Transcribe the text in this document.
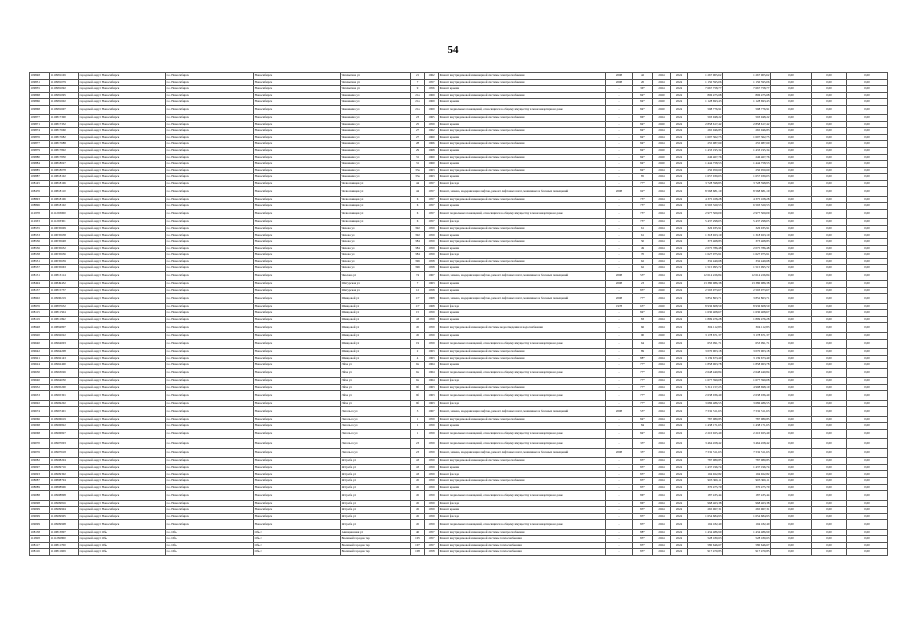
54
109848	1110981169	городской округ Новосибирск	г.о. Новосибирск	Новосибирск	Чаплыгина ул	21	1962	Ремонт внутридомовой инженерной системы электроснабжения	2008	42	2024	2024	1 267 905,62	1 267 905,62	0,00	0,00	0,00
109851	1110981079	городской округ Новосибирск	г.о. Новосибирск	Новосибирск	Чаплыгина ул	7	1957	Ремонт внутридомовой инженерной системы электроснабжения	2008	20	2024	2024	1 150 595,06	1 150 595,06	0,00	0,00	0,00
109855	1110981092	городской округ Новосибирск	г.о. Новосибирск	Новосибирск	Чаплыгина ул	9	1956	Ремонт крыши	-	36*	2024	2024	7 667 758,77	7 667 758,77	0,00	0,00	0,00
109868	1110981095	городской округ Новосибирск	г.о. Новосибирск	Новосибирск	Чеканкина ул	21а	1969	Ремонт внутридомовой инженерной системы электроснабжения	-	84*	2020	2024	806 475,68	806 475,68	0,00	0,00	0,00
109866	1110981602	городской округ Новосибирск	г.о. Новосибирск	Новосибирск	Чеканкина ул	21а	1969	Ремонт крыши	-	84*	2020	2024	1 128 693,43	1 128 693,43	0,00	0,00	0,00
109868	1110981607	городской округ Новосибирск	г.о. Новосибирск	Новосибирск	Чеканкина ул	21а	1969	Ремонт подвальных помещений, относящихся к общему имуществу в многоквартирном доме	-	84*	2020	2024	598 776,91	598 776,91	0,00	0,00	0,00
109877	1110817300	городской округ Новосибирск	г.о. Новосибирск	Новосибирск	Чеканкина ул	23	1965	Ремонт внутридомовой инженерной системы электроснабжения	-	86*	2024	2024	593 948,22	593 948,22	0,00	0,00	0,00
109871	1110817332	городской округ Новосибирск	г.о. Новосибирск	Новосибирск	Чеканкина ул	25	1959	Ремонт крыши	-	84*	2020	2024	2 858 617,42	2 858 617,42	0,00	0,00	0,00
109874	1110817660	городской округ Новосибирск	г.о. Новосибирск	Новосибирск	Чеканкина ул	27	1962	Ремонт внутридомовой инженерной системы электроснабжения	-	84*	2024	2024	265 046,83	265 046,83	0,00	0,00	0,00
109876	1110817682	городской округ Новосибирск	г.о. Новосибирск	Новосибирск	Чеканкина ул	27	1960	Ремонт крыши	-	84*	2024	2024	1 697 362,75	1 697 362,75	0,00	0,00	0,00
109877	1110817688	городской округ Новосибирск	г.о. Новосибирск	Новосибирск	Чеканкина ул	28	1966	Ремонт внутридомовой инженерной системы электроснабжения	-	84*	2024	2024	255 987,60	255 987,60	0,00	0,00	0,00
109879	1110817802	городской округ Новосибирск	г.о. Новосибирск	Новосибирск	Чеканкина ул	29	1968	Ремонт крыши	-	84*	2020	2024	1 433 195,34	1 433 195,34	0,00	0,00	0,00
109880	1110817850	городской округ Новосибирск	г.о. Новосибирск	Новосибирск	Чеканкина ул	31	1960	Ремонт внутридомовой инженерной системы электроснабжения	-	84*	2020	2024	246 467,76	246 467,76	0,00	0,00	0,00
109884	1110818027	городской округ Новосибирск	г.о. Новосибирск	Новосибирск	Чеканкина ул	31	1960	Ремонт крыши	-	84*	2020	2024	1 444 758,53	1 444 758,53	0,00	0,00	0,00
109885	1110818078	городской округ Новосибирск	г.о. Новосибирск	Новосибирск	Чеканкина ул	33а	1963	Ремонт внутридомовой инженерной системы электроснабжения	-	84*	2024	2024	250 050,60	250 050,60	0,00	0,00	0,00
109887	1110818102	городской округ Новосибирск	г.о. Новосибирск	Новосибирск	Чеканкина ул	33а	1963	Ремонт крыши	-	85	2024	2024	1 657 039,03	1 657 039,03	0,00	0,00	0,00
108145	1110818106	городской округ Новосибирск	г.о. Новосибирск	Новосибирск	Челюскинцев ул	44	1957	Ремонт фасада	-	77*	2024	2024	3 728 598,85	3 728 598,85	0,00	0,00	0,00
108476	1110818110	городской округ Новосибирск	г.о. Новосибирск	Новосибирск	Челюскинцев ул	44	1957	Ремонт, замена, модернизация лифтов, ремонт лифтовых шахт, машинных и блочных помещений	2008	92*	2024	2024	8 568 681,19	8 568 681,19	0,00	0,00	0,00
108893	1110818106	городской округ Новосибирск	г.о. Новосибирск	Новосибирск	Челюскинцев ул	6	1957	Ремонт внутридомовой инженерной системы электроснабжения	-	75*	2024	2024	4 375 108,28	4 375 108,28	0,00	0,00	0,00
108896	1110818102	городской округ Новосибирск	г.о. Новосибирск	Новосибирск	Челюскинцев ул	6	1957	Ремонт крыши	-	75*	2024	2024	6 593 320,53	6 593 320,53	0,00	0,00	0,00
112978	1111293000	городской округ Новосибирск	г.о. Новосибирск	Новосибирск	Челюскинцев ул	6	1957	Ремонт подвальных помещений, относящихся к общему имуществу в многоквартирном доме	-	75*	2024	2024	2 977 509,09	2 977 509,09	0,00	0,00	0,00
112933	1111293301	городской округ Новосибирск	г.о. Новосибирск	Новосибирск	Челюскинцев ул	6	1957	Ремонт фасада	-	75*	2024	2024	5 437 298,05	5 437 298,05	0,00	0,00	0,00
108535	1110035609	городской округ Новосибирск	г.о. Новосибирск	Новосибирск	Чехова ул	392	1959	Ремонт внутридомовой инженерной системы электроснабжения	-	61	2024	2024	326 935,91	326 935,91	0,00	0,00	0,00
108553	1110035638	городской округ Новосибирск	г.о. Новосибирск	Новосибирск	Чехова ул	392	1959	Ремонт крыши	-	61	2024	2024	1 318 923,19	1 318 923,19	0,00	0,00	0,00
108556	1110035648	городской округ Новосибирск	г.о. Новосибирск	Новосибирск	Чехова ул	384	1959	Ремонт внутридомовой инженерной системы электроснабжения	-	50	2024	2024	373 468,83	373 468,83	0,00	0,00	0,00
108556	1110035652	городской округ Новосибирск	г.о. Новосибирск	Новосибирск	Чехова ул	384	1959	Ремонт крыши	-	49	2024	2024	2 075 786,48	2 075 786,48	0,00	0,00	0,00
108558	1110035656	городской округ Новосибирск	г.о. Новосибирск	Новосибирск	Чехова ул	384	1959	Ремонт фасада	-	70	2024	2024	1 627 075,91	1 627 075,91	0,00	0,00	0,00
108551	1110035659	городской округ Новосибирск	г.о. Новосибирск	Новосибирск	Чехова ул	396	1958	Ремонт внутридомовой инженерной системы электроснабжения	-	62	2024	2024	332 449,68	332 449,68	0,00	0,00	0,00
108557	1110035663	городской округ Новосибирск	г.о. Новосибирск	Новосибирск	Чехова ул	396	1958	Ремонт крыши	-	62	2024	2024	1 515 995,72	1 515 995,72	0,00	0,00	0,00
108131	1110813114	городской округ Новосибирск	г.о. Новосибирск	Новосибирск	Чкалова ул	74	1967	Ремонт, замена, модернизация лифтов, ремонт лифтовых шахт, машинных и блочных помещений	2008	53*	2024	2024	12 614 226,84	12 614 226,84	0,00	0,00	0,00
108494	1110849452	городской округ Новосибирск	г.о. Новосибирск	Новосибирск	Шатурская ул	7	1963	Ремонт крыши	2008	23	2024	2024	13 380 986,38	13 380 986,38	0,00	0,00	0,00
108157	1110815737	городской округ Новосибирск	г.о. Новосибирск	Новосибирск	Шатурская ул	12	1958	Ремонт крыши	-	85*	2020	2024	2 593 973,67	2 593 973,67	0,00	0,00	0,00
108902	1110990219	городской округ Новосибирск	г.о. Новосибирск	Новосибирск	Шевцовой ул	1/7	1968	Ремонт, замена, модернизация лифтов, ремонт лифтовых шахт, машинных и блочных помещений	2008	77*	2024	2024	3 852 863,71	3 852 863,71	0,00	0,00	0,00
108976	1110897632	городской округ Новосибирск	г.о. Новосибирск	Новосибирск	Шевцовой ул	1/7	1968	Ремонт фасада	1978	65*	2020	2024	8 936 608,59	8 936 608,59	0,00	0,00	0,00
108115	1110811504	городской округ Новосибирск	г.о. Новосибирск	Новосибирск	Шевцовой ул	15	1959	Ремонт крыши	-	84*	2024	2024	1 630 408,67	1 630 408,67	0,00	0,00	0,00
108119	1110811992	городской округ Новосибирск	г.о. Новосибирск	Новосибирск	Шевцовой ул	43	1959	Ремонт крыши	-	83	2024	2024	1 899 476,28	1 899 476,28	0,00	0,00	0,00
108948	1110894807	городской округ Новосибирск	г.о. Новосибирск	Новосибирск	Шевцовой ул	45	1959	Ремонт внутридомовой инженерной системы водоотведения и водоснабжения	-	66	2024	2024	304 112,83	304 112,83	0,00	0,00	0,00
109920	1110992022	городской округ Новосибирск	г.о. Новосибирск	Новосибирск	Шевцовой ул	45	1959	Ремонт крыши	-	90	2020	2024	3 178 671,37	3 178 671,37	0,00	0,00	0,00
109640	1110964003	городской округ Новосибирск	г.о. Новосибирск	Новосибирск	Шевцовой ул	19	1959	Ремонт подвальных помещений, относящихся к общему имуществу в многоквартирном доме	-	64	2024	2024	653 091,71	653 091,71	0,00	0,00	0,00
109642	1110964208	городской округ Новосибирск	г.о. Новосибирск	Новосибирск	Шевцовой ул	2	1963	Ремонт внутридомовой инженерной системы электроснабжения	-	89	2024	2024	3 070 903,18	3 070 903,18	0,00	0,00	0,00
109921	1110992143	городской округ Новосибирск	г.о. Новосибирск	Новосибирск	Шевцовой ул	4	1963	Ремонт внутридомовой инженерной системы электроснабжения	-	88*	2024	2024	3 139 673,49	3 139 673,49	0,00	0,00	0,00
109624	1110962400	городской округ Новосибирск	г.о. Новосибирск	Новосибирск	Эйхе ул	9а	1964	Ремонт крыши	-	77*	2024	2024	1 858 963,78	1 858 963,78	0,00	0,00	0,00
109630	1110963026	городской округ Новосибирск	г.о. Новосибирск	Новосибирск	Эйхе ул	9а	1964	Ремонт подвальных помещений, относящихся к общему имуществу в многоквартирном доме	-	77*	2024	2024	2 648 440,84	2 648 440,84	0,00	0,00	0,00
109640	1110964050	городской округ Новосибирск	г.о. Новосибирск	Новосибирск	Эйхе ул	9а	1964	Ремонт фасада	-	77*	2024	2024	1 677 399,08	1 677 399,08	0,00	0,00	0,00
109952	1110995200	городской округ Новосибирск	г.о. Новосибирск	Новосибирск	Эйхе ул	9б	1963	Ремонт внутридомовой инженерной системы электроснабжения	-	77*	2024	2024	5 312 157,25	4 998 698,19	0,00	0,00	0,00
109653	1110965301	городской округ Новосибирск	г.о. Новосибирск	Новосибирск	Эйхе ул	9б	1963	Ремонт подвальных помещений, относящихся к общему имуществу в многоквартирном доме	-	77*	2024	2024	2 638 036,49	2 638 036,49	0,00	0,00	0,00
109692	1110969202	городской округ Новосибирск	г.о. Новосибирск	Новосибирск	Эйхе ул	9б	1963	Ремонт фасада	-	77*	2024	2024	3 686 486,55	3 686 486,55	0,00	0,00	0,00
109674	1110967401	городской округ Новосибирск	г.о. Новосибирск	Новосибирск	Энгельса ул	3	1967	Ремонт, замена, модернизация лифтов, ремонт лифтовых шахт, машинных и блочных помещений	2008	55*	2024	2024	7 532 511,63	7 532 511,63	0,00	0,00	0,00
109066	1110906619	городской округ Новосибирск	г.о. Новосибирск	Новосибирск	Энгельса ул	1	1959	Ремонт внутридомовой инженерной системы электроснабжения	-	84*	2024	2024	787 080,85	787 080,85	0,00	0,00	0,00
109068	1110906822	городской округ Новосибирск	г.о. Новосибирск	Новосибирск	Энгельса ул	1	1959	Ремонт крыши	-	84	2024	2024	1 438 171,65	1 438 171,65	0,00	0,00	0,00
109068	1110906827	городской округ Новосибирск	г.о. Новосибирск	Новосибирск	Энгельса ул	1	1959	Ремонт подвальных помещений, относящихся к общему имуществу в многоквартирном доме	-	84*	2024	2024	2 210 925,49	2 210 925,49	0,00	0,00	0,00
109070	1110907003	городской округ Новосибирск	г.о. Новосибирск	Новосибирск	Энгельса ул	23	1959	Ремонт подвальных помещений, относящихся к общему имуществу в многоквартирном доме	-	33*	2024	2024	3 464 458,42	3 464 458,42	0,00	0,00	0,00
109076	1110907618	городской округ Новосибирск	г.о. Новосибирск	Новосибирск	Энгельса ул	23	1959	Ремонт, замена, модернизация лифтов, ремонт лифтовых шахт, машинных и блочных помещений	2008	35*	2024	2024	7 532 511,63	7 532 511,63	0,00	0,00	0,00
109082	1110908204	городской округ Новосибирск	г.о. Новосибирск	Новосибирск	Ястреба ул	43	1959	Ремонт внутридомовой инженерной системы электроснабжения	-	85*	2024	2024	787 080,85	787 080,85	0,00	0,00	0,00
109097	1110909716	городской округ Новосибирск	г.о. Новосибирск	Новосибирск	Ястреба ул	43	1959	Ремонт крыши	-	85*	2024	2024	1 437 196,74	1 437 196,74	0,00	0,00	0,00
109093	1110909302	городской округ Новосибирск	г.о. Новосибирск	Новосибирск	Ястреба ул	43	1959	Ремонт фасада	-	85*	2024	2024	194 922,82	194 922,82	0,00	0,00	0,00
108087	1110808704	городской округ Новосибирск	г.о. Новосибирск	Новосибирск	Ястреба ул	45	1959	Ремонт внутридомовой инженерной системы электроснабжения	-	85*	2024	2024	903 366,11	903 366,11	0,00	0,00	0,00
108089	1110808906	городской округ Новосибирск	г.о. Новосибирск	Новосибирск	Ястреба ул	45	1959	Ремонт крыши	-	85*	2024	2024	370 475,79	370 475,79	0,00	0,00	0,00
109088	1110908808	городской округ Новосибирск	г.о. Новосибирск	Новосибирск	Ястреба ул	45	1959	Ремонт подвальных помещений, относящихся к общему имуществу в многоквартирном доме	-	86*	2024	2024	187 435,44	187 435,44	0,00	0,00	0,00
109098	1110909816	городской округ Новосибирск	г.о. Новосибирск	Новосибирск	Ястреба ул	45	1959	Ремонт фасада	-	86*	2024	2024	968 463,38	968 463,38	0,00	0,00	0,00
109099	1110909904	городской округ Новосибирск	г.о. Новосибирск	Новосибирск	Ястреба ул	45	1959	Ремонт крыши	-	83*	2024	2024	265 967,31	265 967,31	0,00	0,00	0,00
109099	1110909905	городской округ Новосибирск	г.о. Новосибирск	Новосибирск	Ястреба ул	45	1959	Ремонт фасада	-	83*	2024	2024	1 654 684,93	1 654 684,93	0,00	0,00	0,00
109099	1110909908	городской округ Новосибирск	г.о. Новосибирск	Новосибирск	Ястреба ул	45	1959	Ремонт подвальных помещений, относящихся к общему имуществу в многоквартирном доме	-	83*	2024	2024	194 182,40	194 182,40	0,00	0,00	0,00
108138	1110813807	городской округ Обь	г.о. Обь	Обь г	Авиационная ул	46	1957	Ремонт внутридомовой инженерной системы электроснабжения	-	88*	2024	2024	1 434 486,99	1 434 486,99	0,00	0,00	0,00
112828	1111282800	городской округ Обь	г.о. Обь	Обь г	Военный городок тер	105	1957	Ремонт внутридомовой инженерной системы теплоснабжения	-	85*	2024	2024	528 180,63	528 180,63	0,00	0,00	0,00
108117	1110811700	городской округ Обь	г.о. Обь	Обь г	Военный городок тер	107	1957	Ремонт внутридомовой инженерной системы теплоснабжения	-	85*	2024	2024	580 646,67	580 646,67	0,00	0,00	0,00
108116	1110811609	городской округ Обь	г.о. Обь	Обь г	Военный городок тер	108	1958	Ремонт внутридомовой инженерной системы теплоснабжения	-	85*	2024	2024	917 470,85	917 470,85	0,00	0,00	0,00
